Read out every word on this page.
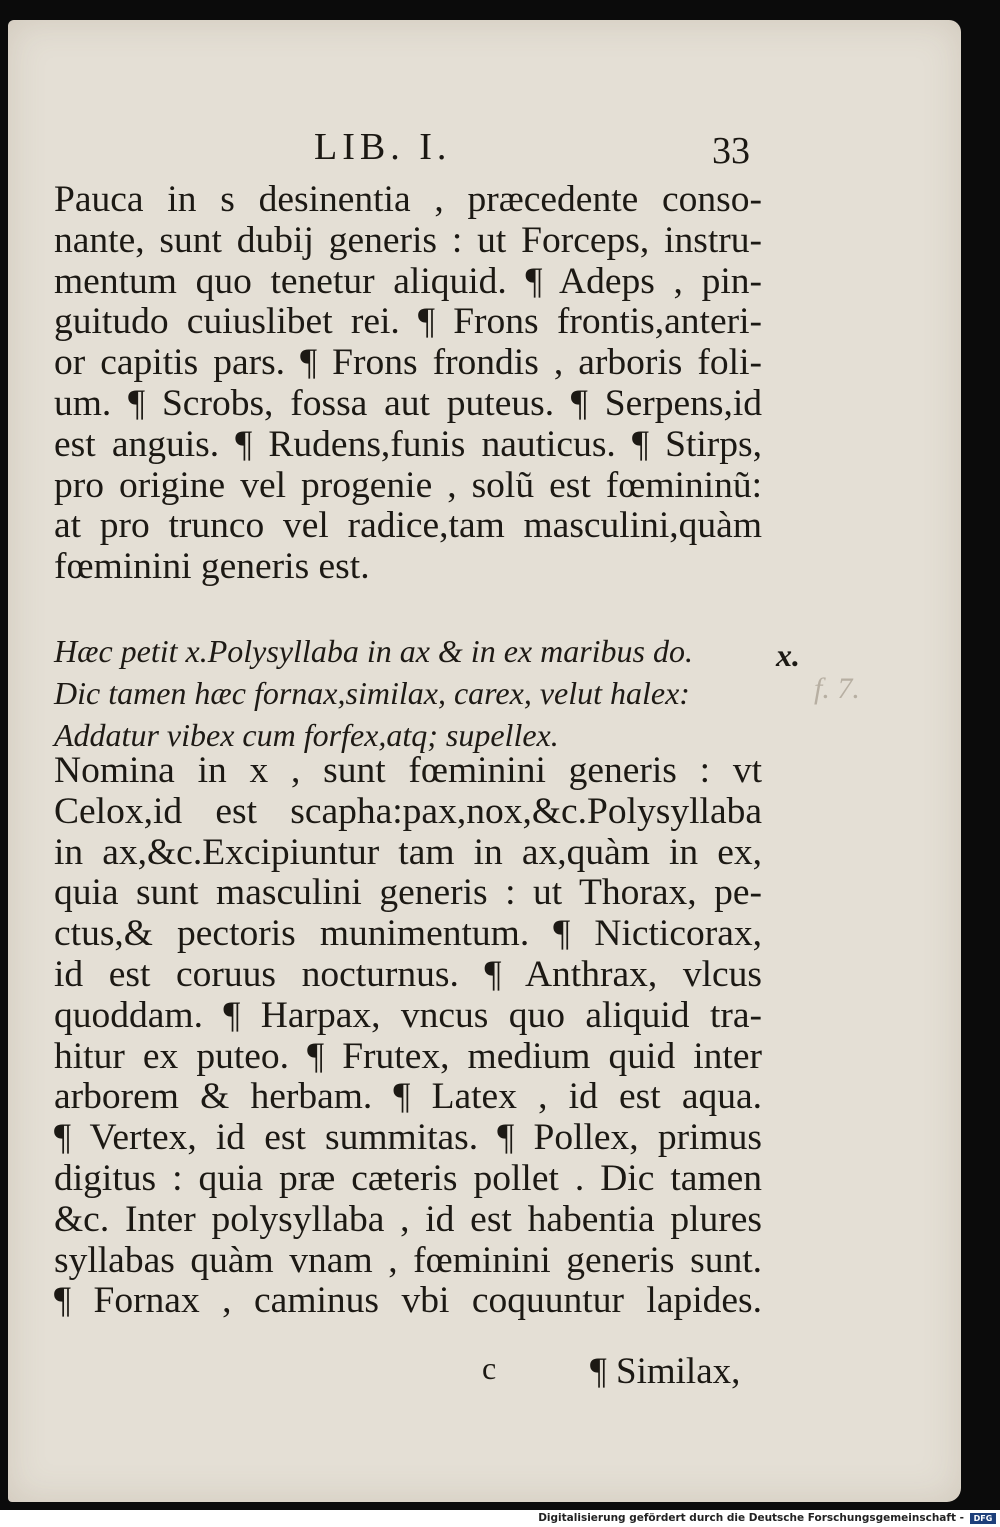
LIB. I.	33
Pauca in s desinentia , præcedente conso-
nante, sunt dubij generis : ut Forceps, instru-
mentum quo tenetur aliquid. ¶ Adeps , pin-
guitudo cuiuslibet rei. ¶ Frons frontis,anteri-
or capitis pars. ¶ Frons frondis , arboris foli-
um. ¶ Scrobs, fossa aut puteus. ¶ Serpens,id
est anguis. ¶ Rudens,funis nauticus. ¶ Stirps,
pro origine vel progenie , solũ est fœmininũ:
at pro trunco vel radice,tam masculini,quàm
fœminini generis est.
Hæc petit x.Polysyllaba in ax & in ex maribus do.
Dic tamen hæc fornax,similax, carex, velut halex:
Addatur vibex cum forfex,atq; supellex.
x.
f. 7.
Nomina in x , sunt fœminini generis : vt
Celox,id est scapha:pax,nox,&c.Polysyllaba
in ax,&c.Excipiuntur tam in ax,quàm in ex,
quia sunt masculini generis : ut Thorax, pe-
ctus,& pectoris munimentum. ¶ Nicticorax,
id est coruus nocturnus. ¶ Anthrax, vlcus
quoddam. ¶ Harpax, vncus quo aliquid tra-
hitur ex puteo. ¶ Frutex, medium quid inter
arborem & herbam. ¶ Latex , id est aqua.
¶ Vertex, id est summitas. ¶ Pollex, primus
digitus : quia præ cæteris pollet . Dic tamen
&c. Inter polysyllaba , id est habentia plures
syllabas quàm vnam , fœminini generis sunt.
¶ Fornax , caminus vbi coquuntur lapides.
c	¶ Similax,
Digitalisierung gefördert durch die Deutsche Forschungsgemeinschaft -	DFG
